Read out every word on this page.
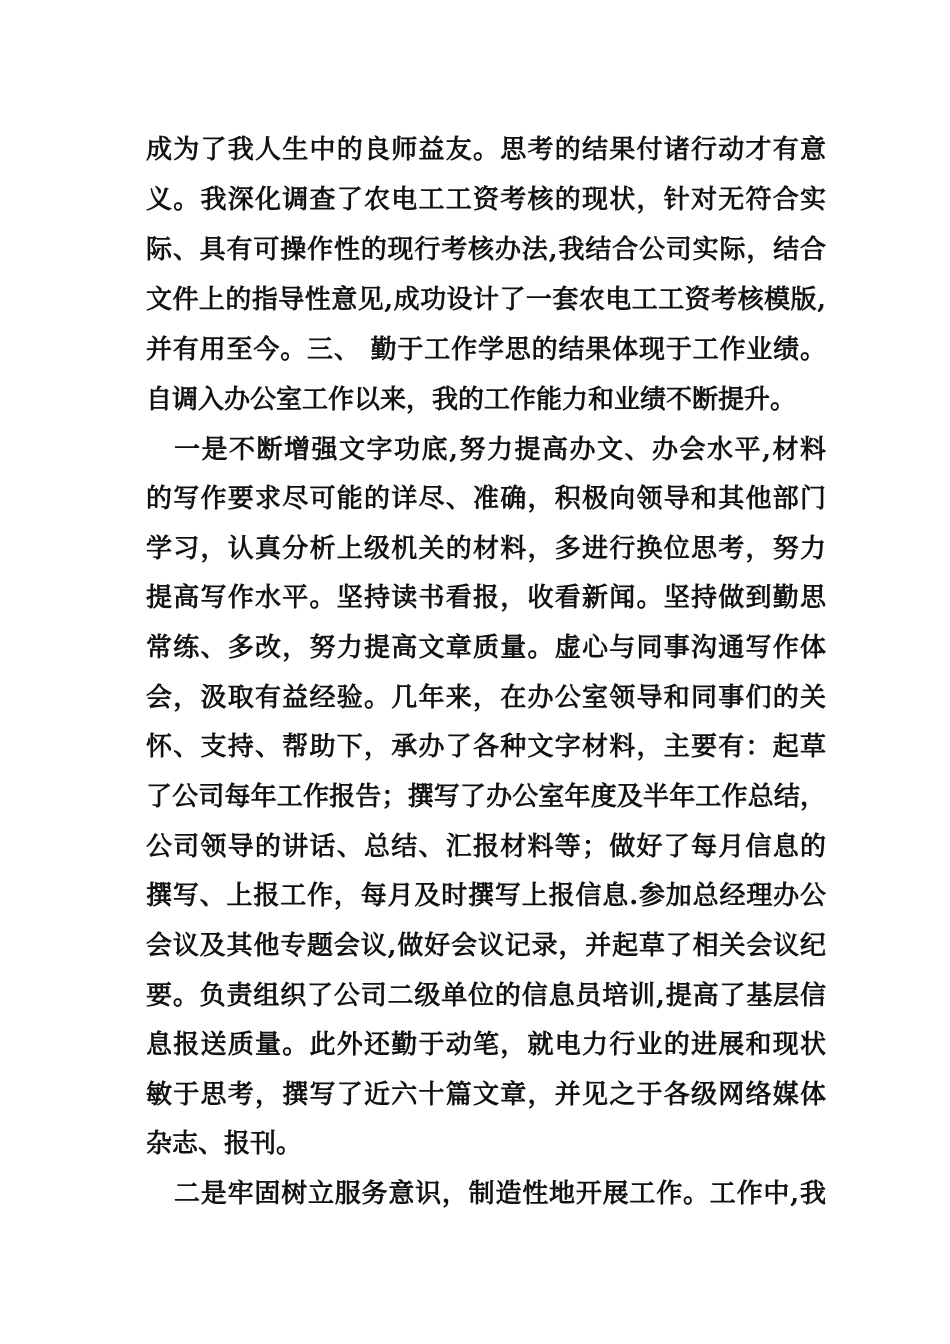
成为了我人生中的良师益友。思考的结果付诸行动才有意
义。我深化调查了农电工工资考核的现状，针对无符合实
际、具有可操作性的现行考核办法,我结合公司实际，结合
文件上的指导性意见,成功设计了一套农电工工资考核模版,
并有用至今。三、 勤于工作学思的结果体现于工作业绩。
自调入办公室工作以来，我的工作能力和业绩不断提升。
一是不断增强文字功底,努力提高办文、办会水平,材料
的写作要求尽可能的详尽、准确，积极向领导和其他部门
学习，认真分析上级机关的材料，多进行换位思考，努力
提高写作水平。坚持读书看报，收看新闻。坚持做到勤思
常练、多改，努力提高文章质量。虚心与同事沟通写作体
会，汲取有益经验。几年来，在办公室领导和同事们的关
怀、支持、帮助下，承办了各种文字材料，主要有：起草
了公司每年工作报告；撰写了办公室年度及半年工作总结，
公司领导的讲话、总结、汇报材料等；做好了每月信息的
撰写、上报工作，每月及时撰写上报信息.参加总经理办公
会议及其他专题会议,做好会议记录，并起草了相关会议纪
要。负责组织了公司二级单位的信息员培训,提高了基层信
息报送质量。此外还勤于动笔，就电力行业的进展和现状
敏于思考，撰写了近六十篇文章，并见之于各级网络媒体
杂志、报刊。
二是牢固树立服务意识，制造性地开展工作。工作中,我
